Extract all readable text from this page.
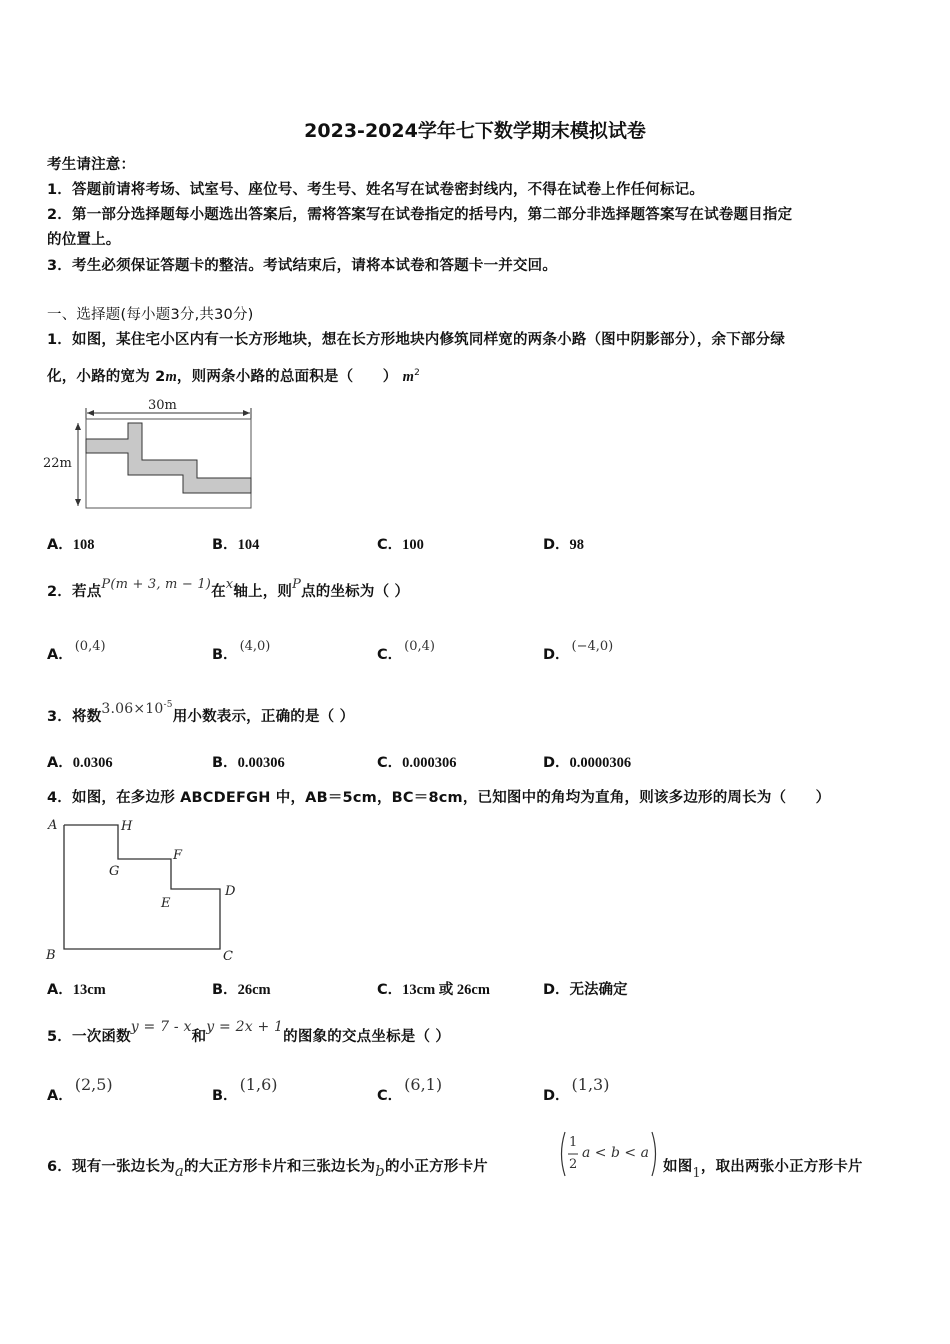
2023-2024学年七下数学期末模拟试卷
考生请注意：
1．答题前请将考场、试室号、座位号、考生号、姓名写在试卷密封线内，不得在试卷上作任何标记。
2．第一部分选择题每小题选出答案后，需将答案写在试卷指定的括号内，第二部分非选择题答案写在试卷题目指定
的位置上。
3．考生必须保证答题卡的整洁。考试结束后，请将本试卷和答题卡一并交回。
一、选择题(每小题3分,共30分)
1．如图，某住宅小区内有一长方形地块，想在长方形地块内修筑同样宽的两条小路（图中阴影部分），余下部分绿
化，小路的宽为 2m，则两条小路的总面积是（　　） $m^2$
30m
22m
A．108	B．104	C．100	D．98
2．若点P(m + 3, m − 1)在x轴上，则P点的坐标为（ ）
A．(0,4)
B．(4,0)
C．(0,4)
D．(−4,0)
3．将数$3.06\times 10^{-5}$用小数表示，正确的是（ ）
A．0.0306	B．0.00306	C．0.000306	D．0.0000306
4．如图，在多边形 ABCDEFGH 中，AB＝5cm，BC＝8cm，已知图中的角均为直角，则该多边形的周长为（　　）
A	H
G
F
E
D
B	C
A．13cm	B．26cm	C．13cm 或 26cm	D．无法确定
5．一次函数y = 7 - x和y = 2x + 1的图象的交点坐标是（ ）
A．(2,5)
B．(1,6)
C．(6,1)
D．(1,3)
6．现有一张边长为a的大正方形卡片和三张边长为b的小正方形卡片
1
2
a < b < a
如图1，取出两张小正方形卡片
